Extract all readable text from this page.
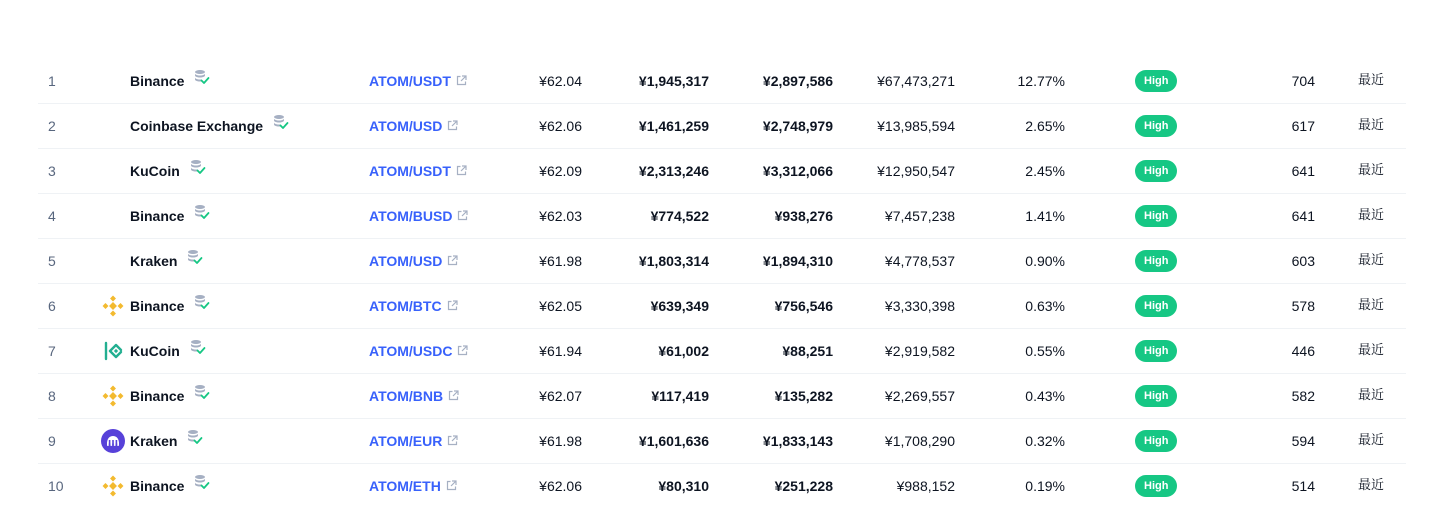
1	Binance	ATOM/USDT	¥62.04	¥1,945,317	¥2,897,586	¥67,473,271	12.77%	High	704	最近
2	Coinbase Exchange	ATOM/USD	¥62.06	¥1,461,259	¥2,748,979	¥13,985,594	2.65%	High	617	最近
3	KuCoin	ATOM/USDT	¥62.09	¥2,313,246	¥3,312,066	¥12,950,547	2.45%	High	641	最近
4	Binance	ATOM/BUSD	¥62.03	¥774,522	¥938,276	¥7,457,238	1.41%	High	641	最近
5	Kraken	ATOM/USD	¥61.98	¥1,803,314	¥1,894,310	¥4,778,537	0.90%	High	603	最近
6	Binance	ATOM/BTC	¥62.05	¥639,349	¥756,546	¥3,330,398	0.63%	High	578	最近
7	KuCoin	ATOM/USDC	¥61.94	¥61,002	¥88,251	¥2,919,582	0.55%	High	446	最近
8	Binance	ATOM/BNB	¥62.07	¥117,419	¥135,282	¥2,269,557	0.43%	High	582	最近
9	Kraken	ATOM/EUR	¥61.98	¥1,601,636	¥1,833,143	¥1,708,290	0.32%	High	594	最近
10	Binance	ATOM/ETH	¥62.06	¥80,310	¥251,228	¥988,152	0.19%	High	514	最近
